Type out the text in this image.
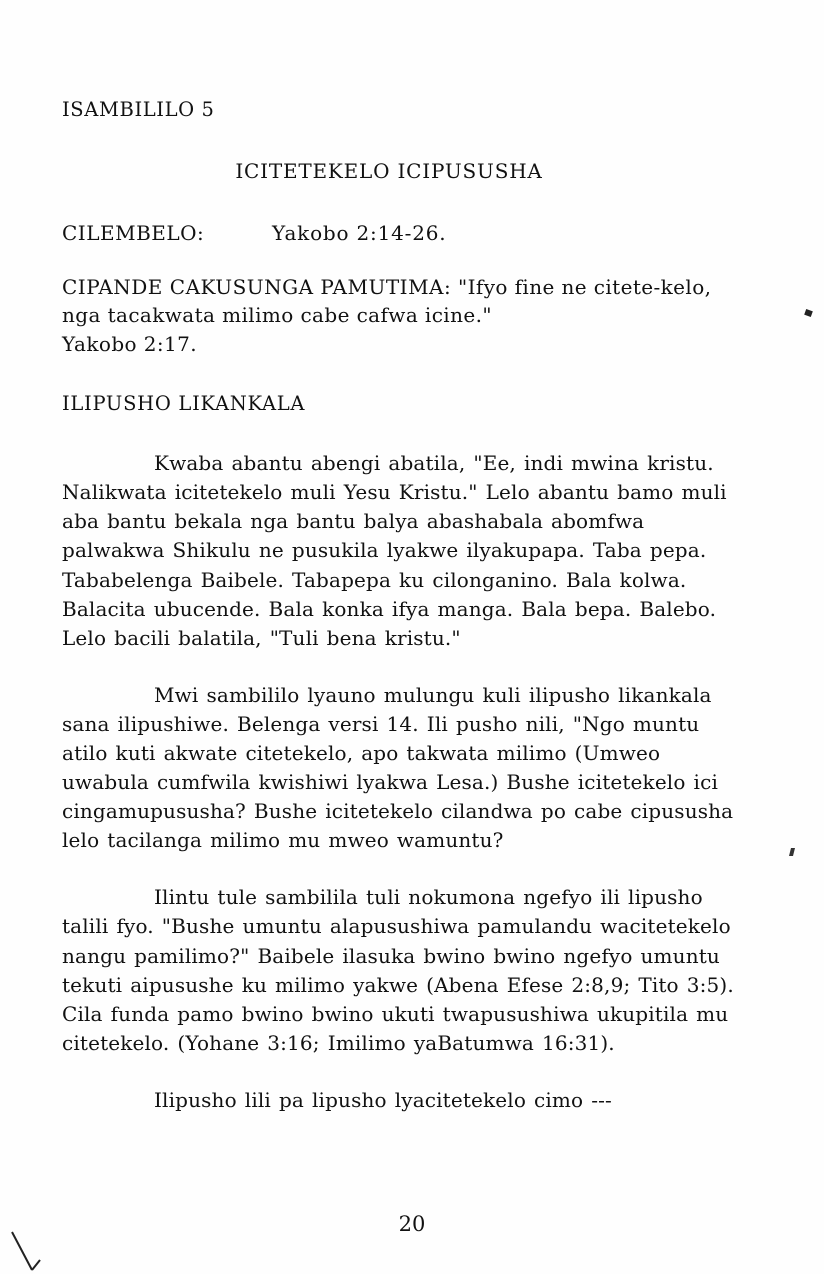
ISAMBILILO 5
ICITETEKELO ICIPUSUSHA
CILEMBELO:	Yakobo 2:14-26.
CIPANDE CAKUSUNGA PAMUTIMA: "Ifyo fine ne citete-kelo, nga tacakwata milimo cabe cafwa icine."
Yakobo 2:17.
ILIPUSHO LIKANKALA

Kwaba abantu abengi abatila, "Ee, indi mwina kristu. Nalikwata icitetekelo muli Yesu Kristu." Lelo abantu bamo muli aba bantu bekala nga bantu balya abashabala abomfwa palwakwa Shikulu ne pusukila lyakwe ilyakupapa. Taba pepa. Tababelenga Baibele. Tabapepa ku cilonganino. Bala kolwa. Balacita ubucende. Bala konka ifya manga. Bala bepa. Balebo. Lelo bacili balatila, "Tuli bena kristu."

Mwi sambililo lyauno mulungu kuli ilipusho likankala sana ilipushiwe. Belenga versi 14. Ili pusho nili, "Ngo muntu atilo kuti akwate citetekelo, apo takwata milimo (Umweo uwabula cumfwila kwishiwi lyakwa Lesa.) Bushe icitetekelo ici cingamupususha? Bushe icitetekelo cilandwa po cabe cipususha lelo tacilanga milimo mu mweo wamuntu?

Ilintu tule sambilila tuli nokumona ngefyo ili lipusho talili fyo. "Bushe umuntu alapusushiwa pamulandu wacitetekelo nangu pamilimo?" Baibele ilasuka bwino bwino ngefyo umuntu tekuti aipusushe ku milimo yakwe (Abena Efese 2:8,9; Tito 3:5). Cila funda pamo bwino bwino ukuti twapusushiwa ukupitila mu citetekelo. (Yohane 3:16; Imilimo yaBatumwa 16:31).

Ilipusho lili pa lipusho lyacitetekelo cimo ---

20
